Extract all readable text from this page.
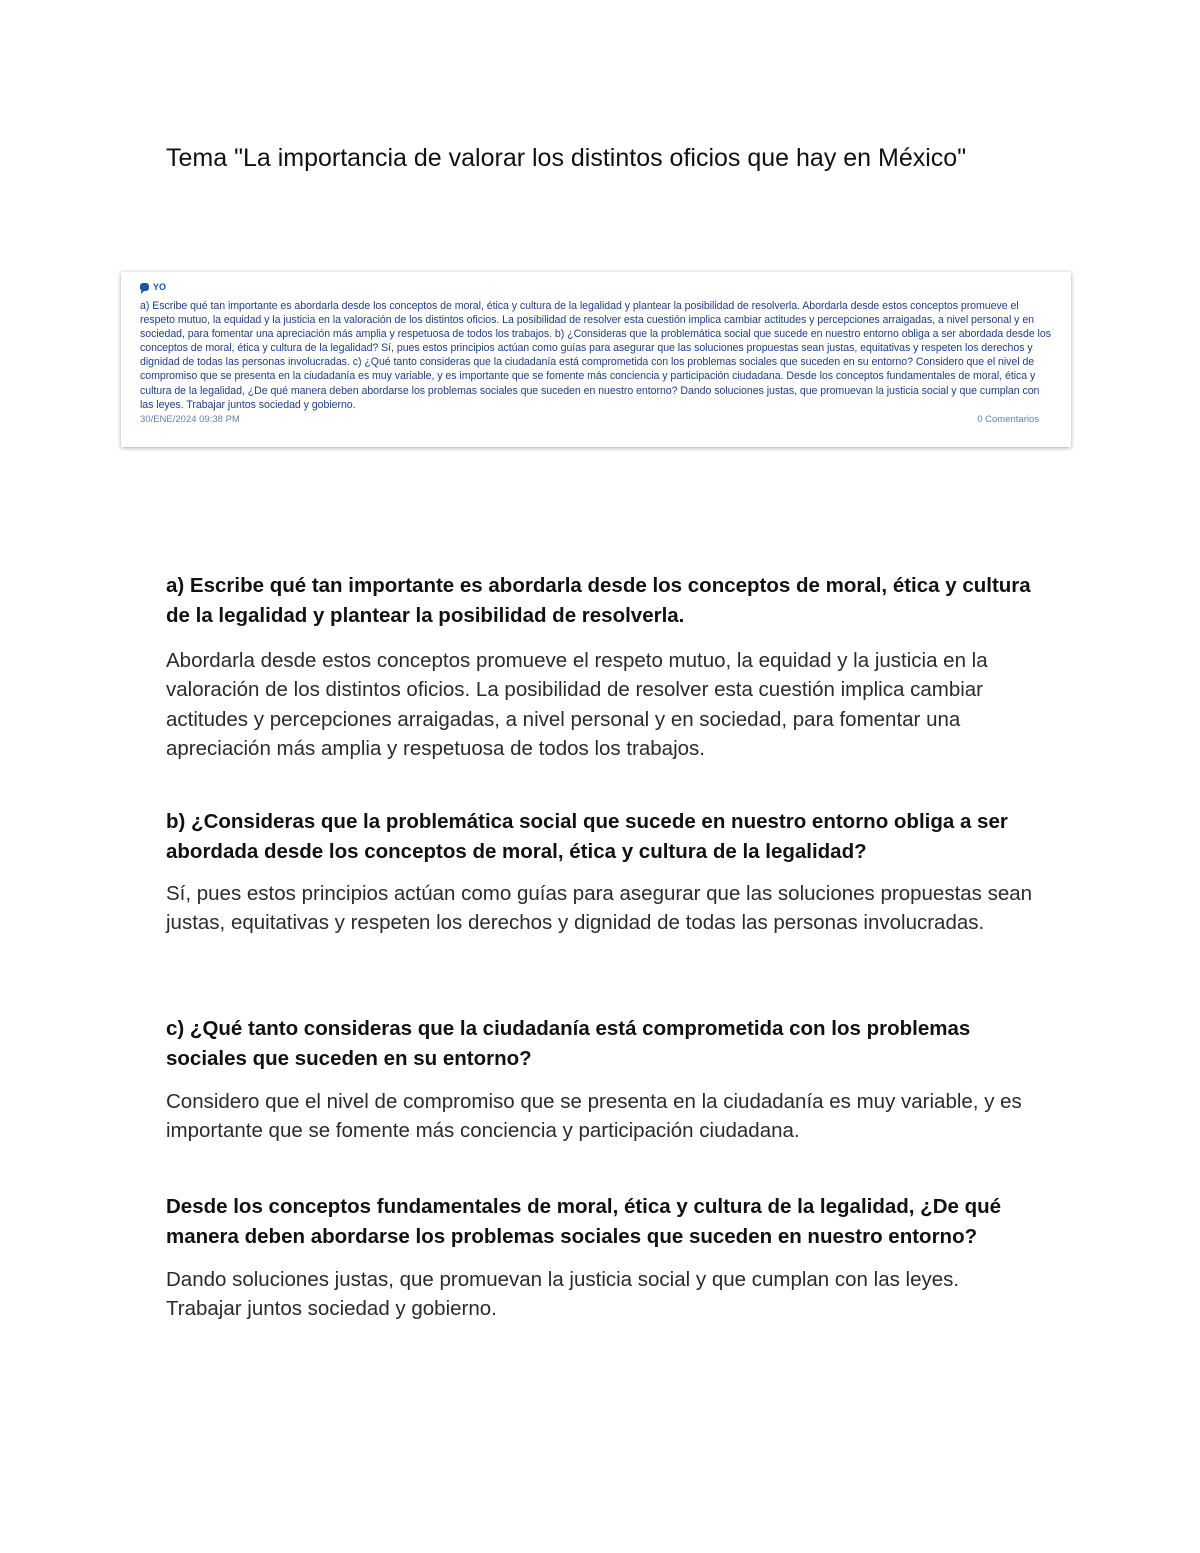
Tema "La importancia de valorar los distintos oficios que hay en México"
YO
a) Escribe qué tan importante es abordarla desde los conceptos de moral, ética y cultura de la legalidad y plantear la posibilidad de resolverla. Abordarla desde estos conceptos promueve el respeto mutuo, la equidad y la justicia en la valoración de los distintos oficios. La posibilidad de resolver esta cuestión implica cambiar actitudes y percepciones arraigadas, a nivel personal y en sociedad, para fomentar una apreciación más amplia y respetuosa de todos los trabajos. b) ¿Consideras que la problemática social que sucede en nuestro entorno obliga a ser abordada desde los conceptos de moral, ética y cultura de la legalidad? Sí, pues estos principios actúan como guías para asegurar que las soluciones propuestas sean justas, equitativas y respeten los derechos y dignidad de todas las personas involucradas. c) ¿Qué tanto consideras que la ciudadanía está comprometida con los problemas sociales que suceden en su entorno? Considero que el nivel de compromiso que se presenta en la ciudadanía es muy variable, y es importante que se fomente más conciencia y participación ciudadana. Desde los conceptos fundamentales de moral, ética y cultura de la legalidad, ¿De qué manera deben abordarse los problemas sociales que suceden en nuestro entorno? Dando soluciones justas, que promuevan la justicia social y que cumplan con las leyes. Trabajar juntos sociedad y gobierno.
30/ENE/2024 09:38 PM	0 Comentarios

a) Escribe qué tan importante es abordarla desde los conceptos de moral, ética y cultura de la legalidad y plantear la posibilidad de resolverla.

Abordarla desde estos conceptos promueve el respeto mutuo, la equidad y la justicia en la valoración de los distintos oficios. La posibilidad de resolver esta cuestión implica cambiar actitudes y percepciones arraigadas, a nivel personal y en sociedad, para fomentar una apreciación más amplia y respetuosa de todos los trabajos.

b) ¿Consideras que la problemática social que sucede en nuestro entorno obliga a ser abordada desde los conceptos de moral, ética y cultura de la legalidad?

Sí, pues estos principios actúan como guías para asegurar que las soluciones propuestas sean justas, equitativas y respeten los derechos y dignidad de todas las personas involucradas.

c) ¿Qué tanto consideras que la ciudadanía está comprometida con los problemas sociales que suceden en su entorno?

Considero que el nivel de compromiso que se presenta en la ciudadanía es muy variable, y es importante que se fomente más conciencia y participación ciudadana.

Desde los conceptos fundamentales de moral, ética y cultura de la legalidad, ¿De qué manera deben abordarse los problemas sociales que suceden en nuestro entorno?

Dando soluciones justas, que promuevan la justicia social y que cumplan con las leyes. Trabajar juntos sociedad y gobierno.
